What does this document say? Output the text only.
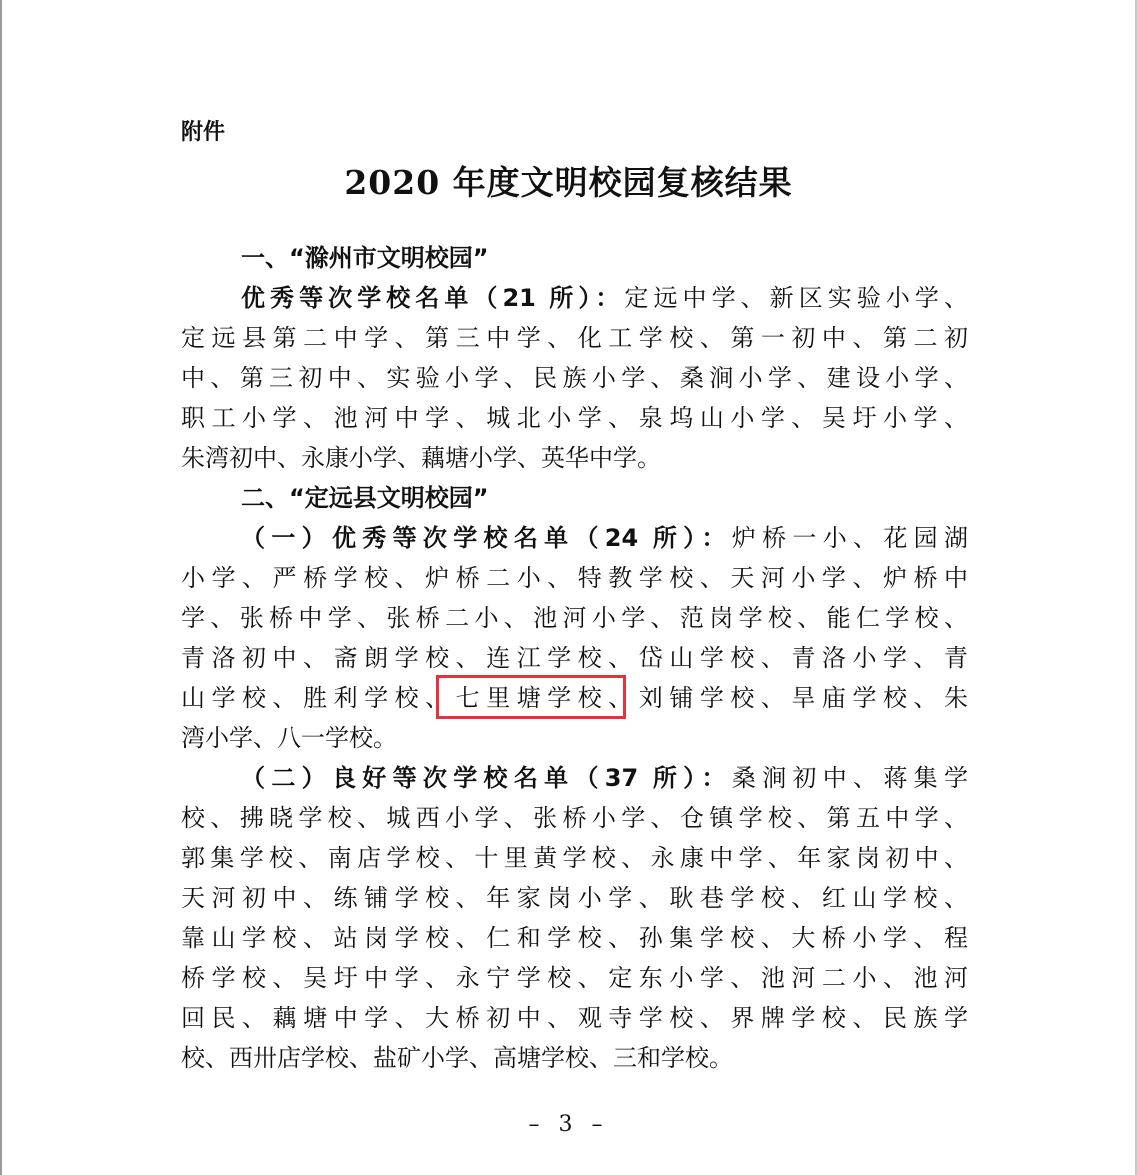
附件
2020 年度文明校园复核结果
一、“滁州市文明校园”
优秀等次学校名单（21 所）：定远中学、新区实验小学、
定远县第二中学、第三中学、化工学校、第一初中、第二初
中、第三初中、实验小学、民族小学、桑涧小学、建设小学、
职工小学、池河中学、城北小学、泉坞山小学、吴圩小学、
朱湾初中、永康小学、藕塘小学、英华中学。
二、“定远县文明校园”
（一）优秀等次学校名单（24 所）：炉桥一小、花园湖
小学、严桥学校、炉桥二小、特教学校、天河小学、炉桥中
学、张桥中学、张桥二小、池河小学、范岗学校、能仁学校、
青洛初中、斋朗学校、连江学校、岱山学校、青洛小学、青
山学校、胜利学校、七里塘学校、刘铺学校、旱庙学校、朱
湾小学、八一学校。
（二）良好等次学校名单（37 所）：桑涧初中、蒋集学
校、拂晓学校、城西小学、张桥小学、仓镇学校、第五中学、
郭集学校、南店学校、十里黄学校、永康中学、年家岗初中、
天河初中、练铺学校、年家岗小学、耿巷学校、红山学校、
靠山学校、站岗学校、仁和学校、孙集学校、大桥小学、程
桥学校、吴圩中学、永宁学校、定东小学、池河二小、池河
回民、藕塘中学、大桥初中、观寺学校、界牌学校、民族学
校、西卅店学校、盐矿小学、高塘学校、三和学校。
– 3 –
